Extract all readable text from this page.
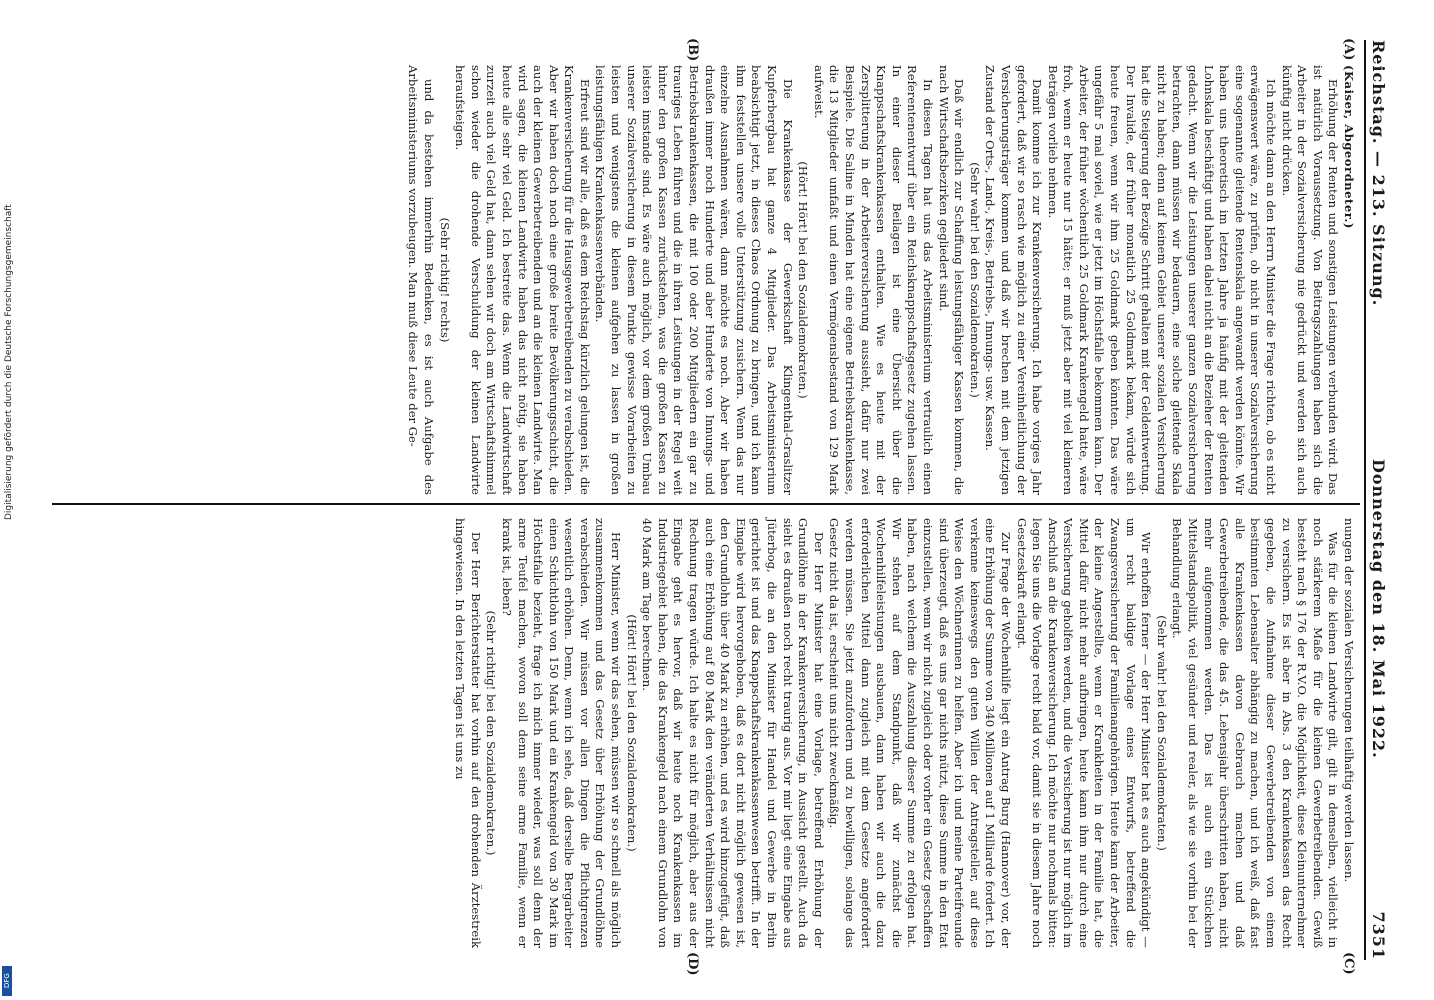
Reichstag. — 213. Sitzung.
Donnerstag den 18. Mai 1922.
7351
(A)
(B)
(C)
(D)

(Kaiser, Abgeordneter.)

Erhöhung der Renten und sonstigen Leistungen verbunden wird. Das ist natürlich Voraussetzung. Von Beitragszahlungen haben sich die Arbeiter in der Sozialversicherung nie gedrückt und werden sich auch künftig nicht drücken.

Ich möchte dann an den Herrn Minister die Frage richten, ob es nicht erwägenswert wäre, zu prüfen, ob nicht in unserer Sozialversicherung eine sogenannte gleitende Rentenskala angewandt werden könnte. Wir haben uns theoretisch im letzten Jahre ja häufig mit der gleitenden Lohnskala beschäftigt und haben dabei nicht an die Bezieher der Renten gedacht. Wenn wir die Leistungen unserer ganzen Sozialversicherung betrachten, dann müssen wir bedauern, eine solche gleitende Skala nicht zu haben; denn auf keinem Gebiet unserer sozialen Versicherung hat die Steigerung der Bezüge Schritt gehalten mit der Geldentwertung. Der Invalide, der früher monatlich 25 Goldmark bekam, würde sich heute freuen, wenn wir ihm 25 Goldmark geben könnten. Das wäre ungefähr 5 mal soviel, wie er jetzt im Höchstfalle bekommen kann. Der Arbeiter, der früher wöchentlich 25 Goldmark Krankengeld hatte, wäre froh, wenn er heute nur 15 hätte; er muß jetzt aber mit viel kleineren Beträgen vorlieb nehmen.

Damit komme ich zur Krankenversicherung. Ich habe voriges Jahr gefordert, daß wir so rasch wie möglich zu einer Vereinheitlichung der Versicherungsträger kommen und daß wir brechen mit dem jetzigen Zustand der Orts-, Land-, Kreis-, Betriebs-, Innungs- usw. Kassen.

(Sehr wahr! bei den Sozialdemokraten.)

Daß wir endlich zur Schaffung leistungsfähiger Kassen kommen, die nach Wirtschaftsbezirken gegliedert sind.

In diesen Tagen hat uns das Arbeitsministerium vertraulich einen Referentenentwurf über ein Reichsknappschaftsgesetz zugehen lassen. In einer dieser Beilagen ist eine Übersicht über die Knappschaftskrankenkassen enthalten. Wie es heute mit der Zersplitterung in der Arbeiterversicherung aussieht, dafür nur zwei Beispiele. Die Saline in Minden hat eine eigene Betriebskrankenkasse, die 13 Mitglieder umfaßt und einen Vermögensbestand von 129 Mark aufweist.

(Hört! Hört! bei den Sozialdemokraten.)

Die Krankenkasse der Gewerkschaft Klingenthal-Graslitzer Kupferbergbau hat ganze 4 Mitglieder. Das Arbeitsministerium beabsichtigt jetzt, in dieses Chaos Ordnung zu bringen, und ich kann ihm feststellen unsere volle Unterstützung zusichern. Wenn das nur einzelne Ausnahmen wären, dann möchte es noch. Aber wir haben draußen immer noch Hunderte und aber Hunderte von Innungs- und Betriebskrankenkassen, die mit 100 oder 200 Mitgliedern ein gar zu trauriges Leben führen und die in ihren Leistungen in der Regel weit hinter den großen Kassen zurückstehen, was die großen Kassen zu leisten imstande sind. Es wäre auch möglich, vor dem großen Umbau unserer Sozialversicherung in diesem Punkte gewisse Vorarbeiten zu leisten und wenigstens die kleinen aufgehen zu lassen in großen leistungsfähigen Krankenkassenverbänden.

Erfreut sind wir alle, daß es dem Reichstag kürzlich gelungen ist, die Krankenversicherung für die Hausgewerbetreibenden zu verabschieden. Aber wir haben doch noch eine große breite Bevölkerungsschicht, die auch der kleinen Gewerbetreibenden und an die kleinen Landwirte. Man wird sagen, die kleinen Landwirte haben das nicht nötig, sie haben heute alle sehr viel Geld. Ich bestreite das. Wenn die Landwirtschaft zurzeit auch viel Geld hat, dann sehen wir doch am Wirtschaftshimmel schon wieder die drohende Verschuldung der kleinen Landwirte heraufsteigen.

(Sehr richtig! rechts)

und da bestehen immerhin Bedenken, es ist auch Aufgabe des Arbeitsministeriums vorzubeugen. Man muß diese Leute der Ge-

nungen der sozialen Versicherungen teilhaftig werden lassen.

Was für die kleinen Landwirte gilt, gilt in demselben, vielleicht in noch stärkerem Maße für die kleinen Gewerbetreibenden. Gewiß besteht nach § 176 der R.V.O. die Möglichkeit, diese Kleinunternehmer zu versichern. Es ist aber in Abs. 3 den Krankenkassen das Recht gegeben, die Aufnahme dieser Gewerbetreibenden von einem bestimmten Lebensalter abhängig zu machen, und ich weiß, daß fast alle Krankenkassen davon Gebrauch machen und daß Gewerbetreibende, die das 45. Lebensjahr überschritten haben, nicht mehr aufgenommen werden. Das ist auch ein Stückchen Mittelstandspolitik, viel gesünder und realer, als wie sie vorhin bei der Behandlung erlangt.

(Sehr wahr! bei den Sozialdemokraten.)

Wir erhoffen ferner — der Herr Minister hat es auch angekündigt — um recht baldige Vorlage eines Entwurfs, betreffend die Zwangsversicherung der Familienangehörigen. Heute kann der Arbeiter, der kleine Angestellte, wenn er Krankheiten in der Familie hat, die Mittel dafür nicht mehr aufbringen, heute kann ihm nur durch eine Versicherung geholfen werden, und die Versicherung ist nur möglich im Anschluß an die Krankenversicherung. Ich möchte nur nochmals bitten: legen Sie uns die Vorlage recht bald vor, damit sie in diesem Jahre noch Gesetzeskraft erlangt.

Zur Frage der Wochenhilfe liegt ein Antrag Burg (Hannover) vor, der eine Erhöhung der Summe von 340 Millionen auf 1 Milliarde fordert. Ich verkenne keineswegs den guten Willen der Antragsteller, auf diese Weise den Wöchnerinnen zu helfen. Aber ich und meine Parteifreunde sind überzeugt, daß es uns gar nichts nützt, diese Summe in den Etat einzustellen, wenn wir nicht zugleich oder vorher ein Gesetz geschaffen haben, nach welchem die Auszahlung dieser Summe zu erfolgen hat. Wir stehen auf dem Standpunkt, daß wir zunächst die Wochenhilfeleistungen ausbauen, dann haben wir auch die dazu erforderlichen Mittel dann zugleich mit dem Gesetze angefordert werden müssen. Sie jetzt anzufordern und zu bewilligen, solange das Gesetz nicht da ist, erscheint uns nicht zweckmäßig.

Der Herr Minister hat eine Vorlage, betreffend Erhöhung der Grundlöhne in der Krankenversicherung, in Aussicht gestellt. Auch da sieht es draußen noch recht traurig aus. Vor mir liegt eine Eingabe aus Jüterbog, die an den Minister für Handel und Gewerbe in Berlin gerichtet ist und das Knappschaftskrankenkassenwesen betrifft. In der Eingabe wird hervorgehoben, daß es dort nicht möglich gewesen ist, den Grundlohn über 40 Mark zu erhöhen, und es wird hinzugefügt, daß auch eine Erhöhung auf 80 Mark den veränderten Verhältnissen nicht Rechnung tragen würde. Ich halte es nicht für möglich, aber aus der Eingabe geht es hervor, daß wir heute noch Krankenkassen im Industriegebiet haben, die das Krankengeld nach einem Grundlohn von 40 Mark am Tage berechnen.

(Hört! Hört! bei den Sozialdemokraten.)

Herr Minister, wenn wir das sehen, müssen wir so schnell als möglich zusammenkommen und das Gesetz über Erhöhung der Grundlöhne verabschieden. Wir müssen vor allen Dingen die Pflichtgrenzen wesentlich erhöhen. Denn, wenn ich sehe, daß derselbe Bergarbeiter einen Schichtlohn von 150 Mark und ein Krankengeld von 30 Mark im Höchstfalle bezieht, frage ich mich immer wieder, was soll denn der arme Teufel machen, wovon soll denn seine arme Familie, wenn er krank ist, leben?

(Sehr richtig! bei den Sozialdemokraten.)

Der Herr Berichterstatter hat vorhin auf den drohenden Ärztestreik hingewiesen. In den letzten Tagen ist uns zu

Digitalisierung gefördert durch die Deutsche Forschungsgemeinschaft
DFG
